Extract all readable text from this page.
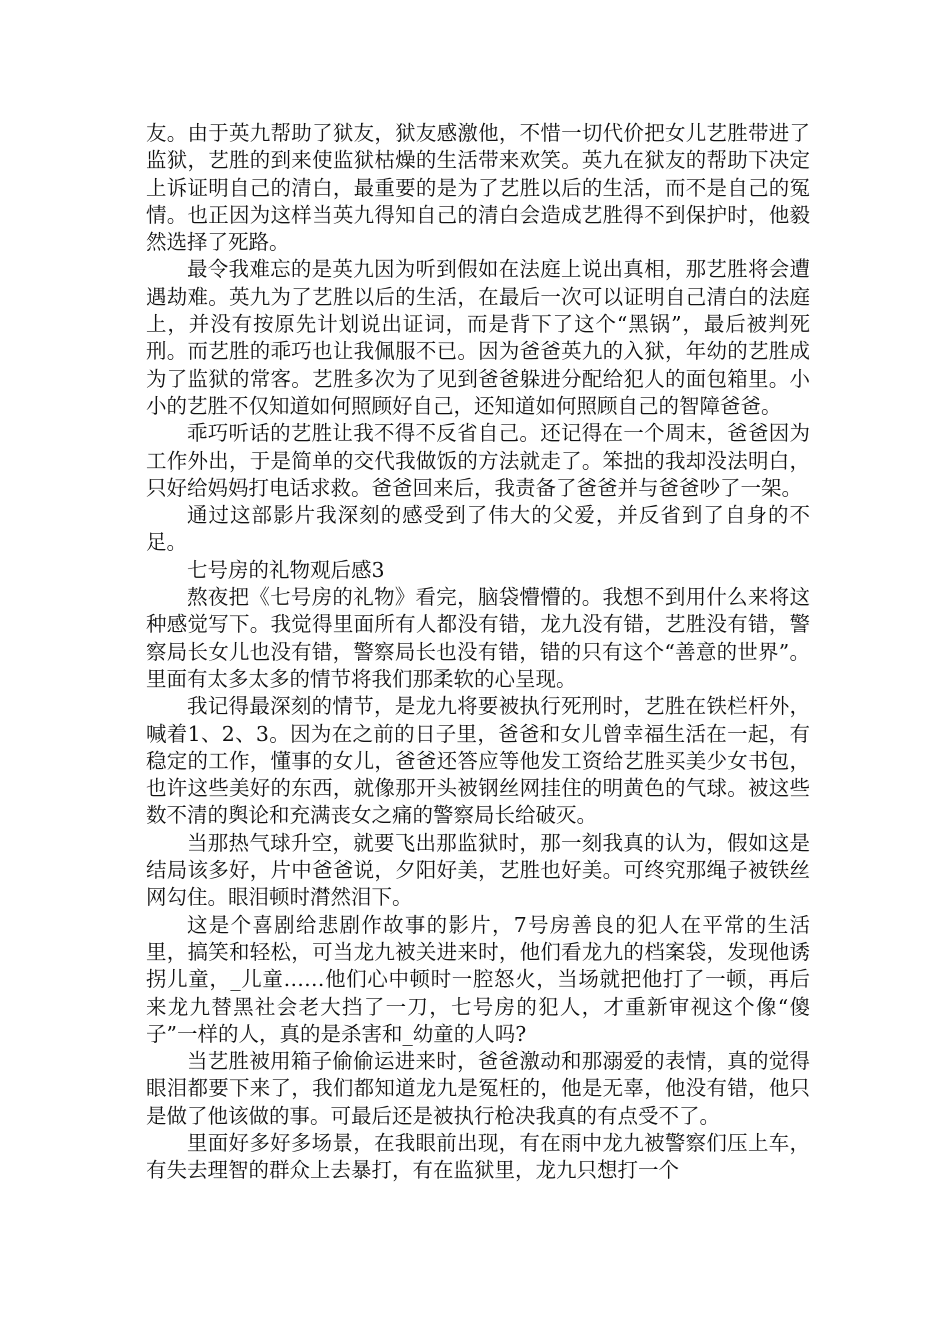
友。由于英九帮助了狱友，狱友感激他，不惜一切代价把女儿艺胜带进了监狱，艺胜的到来使监狱枯燥的生活带来欢笑。英九在狱友的帮助下决定上诉证明自己的清白，最重要的是为了艺胜以后的生活，而不是自己的冤情。也正因为这样当英九得知自己的清白会造成艺胜得不到保护时，他毅然选择了死路。

最令我难忘的是英九因为听到假如在法庭上说出真相，那艺胜将会遭遇劫难。英九为了艺胜以后的生活，在最后一次可以证明自己清白的法庭上，并没有按原先计划说出证词，而是背下了这个“黑锅”，最后被判死刑。而艺胜的乖巧也让我佩服不已。因为爸爸英九的入狱，年幼的艺胜成为了监狱的常客。艺胜多次为了见到爸爸躲进分配给犯人的面包箱里。小小的艺胜不仅知道如何照顾好自己，还知道如何照顾自己的智障爸爸。

乖巧听话的艺胜让我不得不反省自己。还记得在一个周末，爸爸因为工作外出，于是简单的交代我做饭的方法就走了。笨拙的我却没法明白，只好给妈妈打电话求救。爸爸回来后，我责备了爸爸并与爸爸吵了一架。

通过这部影片我深刻的感受到了伟大的父爱，并反省到了自身的不足。

七号房的礼物观后感3

熬夜把《七号房的礼物》看完，脑袋懵懵的。我想不到用什么来将这种感觉写下。我觉得里面所有人都没有错，龙九没有错，艺胜没有错，警察局长女儿也没有错，警察局长也没有错，错的只有这个“善意的世界”。里面有太多太多的情节将我们那柔软的心呈现。

我记得最深刻的情节，是龙九将要被执行死刑时，艺胜在铁栏杆外，喊着1、2、3。因为在之前的日子里，爸爸和女儿曾幸福生活在一起，有稳定的工作，懂事的女儿，爸爸还答应等他发工资给艺胜买美少女书包，也许这些美好的东西，就像那开头被钢丝网挂住的明黄色的气球。被这些数不清的舆论和充满丧女之痛的警察局长给破灭。

当那热气球升空，就要飞出那监狱时，那一刻我真的认为，假如这是结局该多好，片中爸爸说，夕阳好美，艺胜也好美。可终究那绳子被铁丝网勾住。眼泪顿时潸然泪下。

这是个喜剧给悲剧作故事的影片，7号房善良的犯人在平常的生活里，搞笑和轻松，可当龙九被关进来时，他们看龙九的档案袋，发现他诱拐儿童，_儿童……他们心中顿时一腔怒火，当场就把他打了一顿，再后来龙九替黑社会老大挡了一刀，七号房的犯人，才重新审视这个像“傻子”一样的人，真的是杀害和_幼童的人吗?

当艺胜被用箱子偷偷运进来时，爸爸激动和那溺爱的表情，真的觉得眼泪都要下来了，我们都知道龙九是冤枉的，他是无辜，他没有错，他只是做了他该做的事。可最后还是被执行枪决我真的有点受不了。

里面好多好多场景，在我眼前出现，有在雨中龙九被警察们压上车，有失去理智的群众上去暴打，有在监狱里，龙九只想打一个
